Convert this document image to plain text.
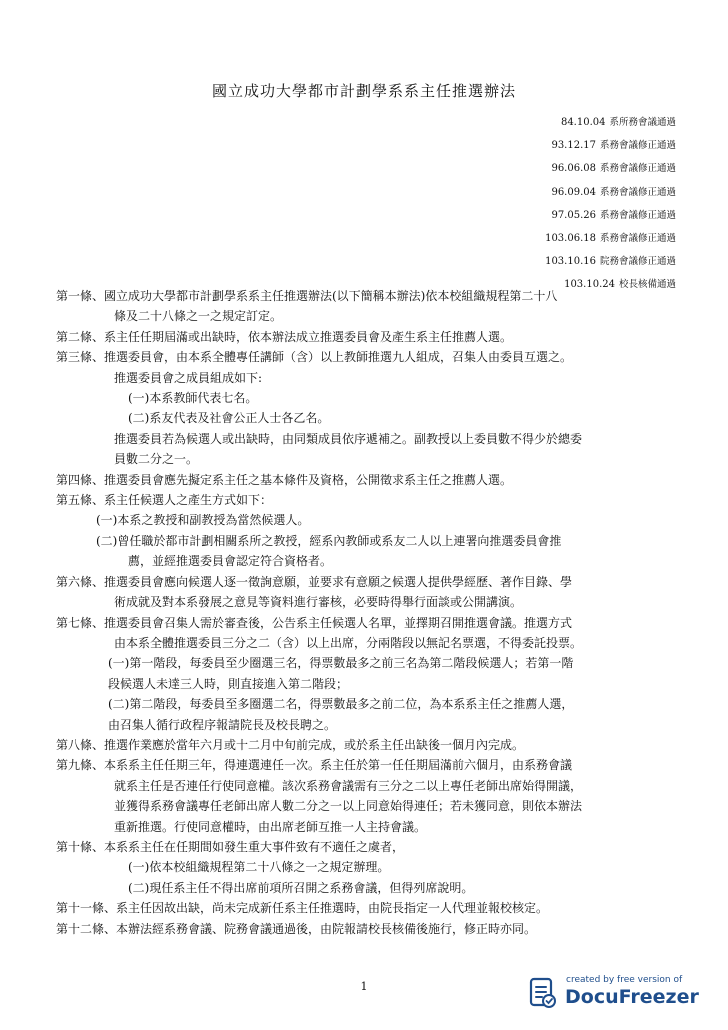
國立成功大學都市計劃學系系主任推選辦法
84.10.04 系所務會議通過
93.12.17 系務會議修正通過
96.06.08 系務會議修正通過
96.09.04 系務會議修正通過
97.05.26 系務會議修正通過
103.06.18 系務會議修正通過
103.10.16 院務會議修正通過
103.10.24 校長核備通過
第一條、國立成功大學都市計劃學系系主任推選辦法(以下簡稱本辦法)依本校組織規程第二十八
條及二十八條之一之規定訂定。
第二條、系主任任期屆滿或出缺時，依本辦法成立推選委員會及產生系主任推薦人選。
第三條、推選委員會，由本系全體專任講師（含）以上教師推選九人組成，召集人由委員互選之。
推選委員會之成員組成如下:
(一)本系教師代表七名。
(二)系友代表及社會公正人士各乙名。
推選委員若為候選人或出缺時，由同類成員依序遞補之。副教授以上委員數不得少於總委
員數二分之一。
第四條、推選委員會應先擬定系主任之基本條件及資格，公開徵求系主任之推薦人選。
第五條、系主任候選人之產生方式如下：
(一)本系之教授和副教授為當然候選人。
(二)曾任職於都市計劃相關系所之教授，經系內教師或系友二人以上連署向推選委員會推
薦，並經推選委員會認定符合資格者。
第六條、推選委員會應向候選人逐一徵詢意願，並要求有意願之候選人提供學經歷、著作目錄、學
術成就及對本系發展之意見等資料進行審核，必要時得舉行面談或公開講演。
第七條、推選委員會召集人需於審查後，公告系主任候選人名單，並擇期召開推選會議。推選方式
由本系全體推選委員三分之二（含）以上出席，分兩階段以無記名票選，不得委託投票。
(一)第一階段，每委員至少圈選三名，得票數最多之前三名為第二階段候選人；若第一階
段候選人未達三人時，則直接進入第二階段；
(二)第二階段，每委員至多圈選二名，得票數最多之前二位，為本系系主任之推薦人選，
由召集人循行政程序報請院長及校長聘之。
第八條、推選作業應於當年六月或十二月中旬前完成，或於系主任出缺後一個月內完成。
第九條、本系系主任任期三年，得連選連任一次。系主任於第一任任期屆滿前六個月，由系務會議
就系主任是否連任行使同意權。該次系務會議需有三分之二以上專任老師出席始得開議，
並獲得系務會議專任老師出席人數二分之一以上同意始得連任；若未獲同意，則依本辦法
重新推選。行使同意權時，由出席老師互推一人主持會議。
第十條、本系系主任在任期間如發生重大事件致有不適任之虞者，
(一)依本校組織規程第二十八條之一之規定辦理。
(二)現任系主任不得出席前項所召開之系務會議，但得列席說明。
第十一條、系主任因故出缺，尚未完成新任系主任推選時，由院長指定一人代理並報校核定。
第十二條、本辦法經系務會議、院務會議通過後，由院報請校長核備後施行，修正時亦同。
1	created by free version of
DocuFreezer
